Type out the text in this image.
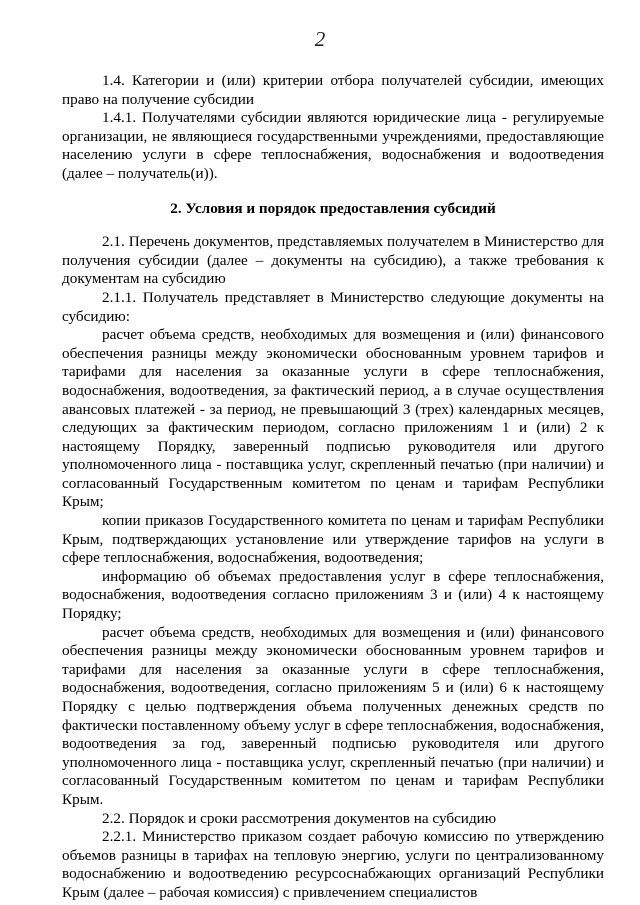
2

1.4. Категории и (или) критерии отбора получателей субсидии, имеющих право на получение субсидии

1.4.1. Получателями субсидии являются юридические лица - регулируемые организации, не являющиеся государственными учреждениями, предоставляющие населению услуги в сфере теплоснабжения, водоснабжения и водоотведения (далее – получатель(и)).

2. Условия и порядок предоставления субсидий

2.1. Перечень документов, представляемых получателем в Министерство для получения субсидии (далее – документы на субсидию), а также требования к документам на субсидию

2.1.1. Получатель представляет в Министерство следующие документы на субсидию:

расчет объема средств, необходимых для возмещения и (или) финансового обеспечения разницы между экономически обоснованным уровнем тарифов и тарифами для населения за оказанные услуги в сфере теплоснабжения, водоснабжения, водоотведения, за фактический период, а в случае осуществления авансовых платежей - за период, не превышающий 3 (трех) календарных месяцев, следующих за фактическим периодом, согласно приложениям 1 и (или) 2 к настоящему Порядку, заверенный подписью руководителя или другого уполномоченного лица - поставщика услуг, скрепленный печатью (при наличии) и согласованный Государственным комитетом по ценам и тарифам Республики Крым;

копии приказов Государственного комитета по ценам и тарифам Республики Крым, подтверждающих установление или утверждение тарифов на услуги в сфере теплоснабжения, водоснабжения, водоотведения;

информацию об объемах предоставления услуг в сфере теплоснабжения, водоснабжения, водоотведения согласно приложениям 3 и (или) 4 к настоящему Порядку;

расчет объема средств, необходимых для возмещения и (или) финансового обеспечения разницы между экономически обоснованным уровнем тарифов и тарифами для населения за оказанные услуги в сфере теплоснабжения, водоснабжения, водоотведения, согласно приложениям 5 и (или) 6 к настоящему Порядку с целью подтверждения объема полученных денежных средств по фактически поставленному объему услуг в сфере теплоснабжения, водоснабжения, водоотведения за год, заверенный подписью руководителя или другого уполномоченного лица - поставщика услуг, скрепленный печатью (при наличии) и согласованный Государственным комитетом по ценам и тарифам Республики Крым.

2.2. Порядок и сроки рассмотрения документов на субсидию

2.2.1. Министерство приказом создает рабочую комиссию по утверждению объемов разницы в тарифах на тепловую энергию, услуги по централизованному водоснабжению и водоотведению ресурсоснабжающих организаций Республики Крым (далее – рабочая комиссия) с привлечением специалистов
